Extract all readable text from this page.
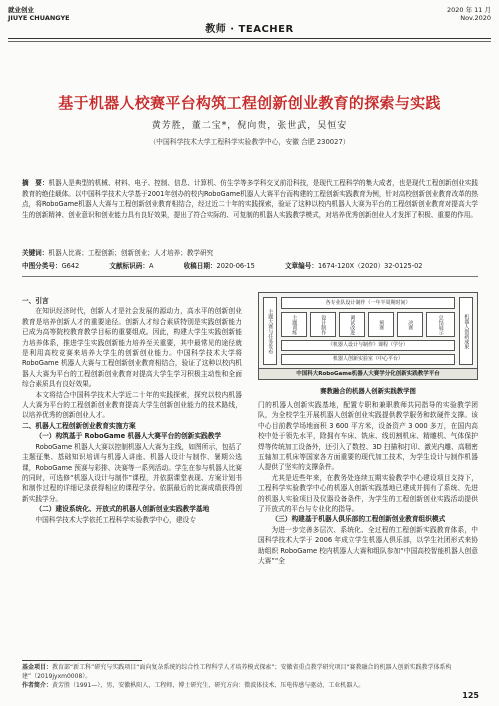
就业创业
JIUYE CHUANGYE
教师 · TEACHER
2020 年 11 月
Nov.2020
基于机器人校赛平台构筑工程创新创业教育的探索与实践
黄芳胜，董二宝*，倪向贵，张世武，吴恒安
（中国科学技术大学工程科学实验教学中心，安徽 合肥 230027）
摘　要：机器人是典型的机械、材料、电子、控制、信息、计算机、仿生学等多学科交叉前沿科技，是现代工程科学的集大成者，也是现代工程创新创业实践教育的绝佳载体。以中国科学技术大学基于2001年创办的校内RoboGame机器人大赛平台而构建的工程创新实践教育为例，针对高校创新创业教育改革的热点，将RoboGame机器人大赛与工程创新创业教育相结合，经过近二十年的实践探索，验证了这种以校内机器人大赛为平台的工程创新创业教育对提高大学生的创新精神、创业意识和创业能力具有良好效果，提出了符合实际的、可复制的机器人实践教学模式，对培养优秀创新创业人才发挥了积极、重要的作用。
关键词：机器人比赛；工程创新；创新创业；人才培养；教学研究
中图分类号：G642	文献标识码：A	收稿日期：2020-06-15	文章编号：1674-120X（2020）32-0125-02

一、引言

在知识经济时代，创新人才是社会发展的源动力，高水平的创新创业教育是培养创新人才的重要途径。创新人才综合素质特别是实践创新能力已成为高等院校教育教学目标的重要组成。因此，构建大学生实践创新能力培养体系，推进学生实践创新能力培养至关重要，其中最常见的途径就是利用高校竞赛来培养大学生的创新创业能力。中国科学技术大学将 RoboGame 机器人大赛与工程创新创业教育相结合，验证了这种以校内机器人大赛为平台的工程创新创业教育对提高大学生学习积极主动性和全面综合素质具有良好效果。

本文将结合中国科学技术大学近二十年的实践探索，探究以校内机器人大赛为平台的工程创新创业教育提高大学生创新创业能力的技术路线，以培养优秀的创新创业人才。

二、机器人工程创新创业教育实施方案

（一）构筑基于 RoboGame 机器人大赛平台的创新实践教学

RoboGame 机器人大赛以控制机器人大赛为主线，如图所示，包括了主题征集、基础知识培训与机器人讲座、机器人设计与制作、暑期公选课，RoboGame 预赛与彩排、决赛等一系列活动。学生在参与机器人比赛的同时，可选修“机器人设计与制作”课程，并依据课堂表现、方案计划书和制作过程的详细记录获得相应的课程学分。依据最后的比赛成绩获得创新实践学分。

（二）建设系统化、开放式的机器人创新创业实践教学基地

中国科学技术大学依托工程科学实验教学中心，建设专

主题大赛与任务发布
各专业队设计制作（一年半周期时间）
主题训练	设计制作	调试改进	预赛	决赛	总结展示
《机器人设计与制作》课程（学分）
机器人创新实验室（中心平台）
机器人创新成果
中国科大RoboGame机器人大赛学分化创新实践教学平台
赛教融合的机器人创新实践教学图

门的机器人创新实践基地，配置专职和兼职教师共同指导的实验教学团队，为全校学生开展机器人创新创业实践提供教学服务和软硬件支撑。该中心目前教学场地面积 3 600 平方米，设备资产 3 000 多万，在国内高校中处于领先水平，除拥有车床、铣床、线切割机床、精雕机、气体保护焊等传统加工设备外，还引入了数控、3D 扫描和打印、激光内雕、高精密五轴加工机床等国家各方面重要的现代加工技术，为学生设计与制作机器人提供了坚实的支撑条件。

尤其是近些年来，在教务处连续五期实验教学中心建设项目支持下，工程科学实验教学中心的机器人创新实践基地已建成并拥有了系统、先进的机器人实验项目及仪器设备条件，为学生的工程创新创业实践活动提供了开放式的平台与专业化的指导。

（三）构建基于机器人俱乐部的工程创新创业教育组织模式

为进一步完善多层次、系统化、全过程的工程创新实践教育体系，中国科学技术大学于 2006 年成立学生机器人俱乐部，以学生社团形式来协助组织 RoboGame 校内机器人大赛和组队参加“中国高校智能机器人创意大赛”“全

基金项目：教育部“新工科”研究与实践项目“面向复杂系统的综合性工程科学人才培养模式探索”；安徽省重点教学研究项目“赛教融合的机器人创新实践教学体系构建”（2019jyxm0008）。
作者简介：黄芳胜（1991—），男，安徽枞阳人，工程师，博士研究生，研究方向：微波体技术、压电传感与驱动、工业机器人。
125
